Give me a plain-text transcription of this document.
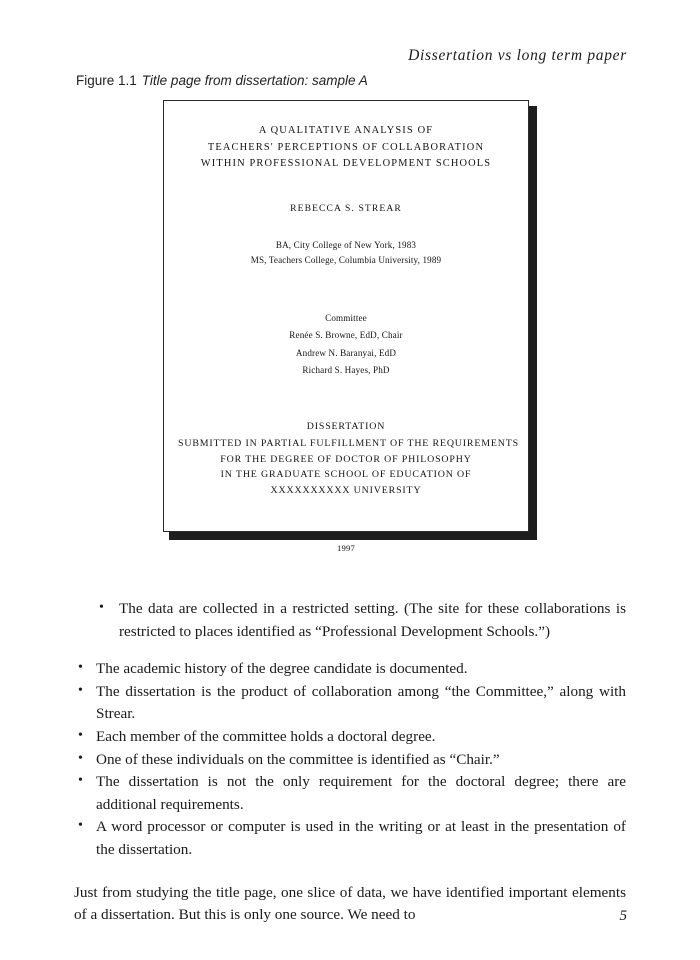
Dissertation vs long term paper
Figure 1.1 Title page from dissertation: sample A
A QUALITATIVE ANALYSIS OF
TEACHERS' PERCEPTIONS OF COLLABORATION
WITHIN PROFESSIONAL DEVELOPMENT SCHOOLS
REBECCA S. STREAR
BA, City College of New York, 1983
MS, Teachers College, Columbia University, 1989
Committee
Renée S. Browne, EdD, Chair
Andrew N. Baranyai, EdD
Richard S. Hayes, PhD
DISSERTATION
SUBMITTED IN PARTIAL FULFILLMENT OF THE REQUIREMENTS
FOR THE DEGREE OF DOCTOR OF PHILOSOPHY
IN THE GRADUATE SCHOOL OF EDUCATION OF
XXXXXXXXXX UNIVERSITY
1997
• The data are collected in a restricted setting. (The site for these collaborations is restricted to places identified as “Professional Development Schools.”)
• The academic history of the degree candidate is documented.
• The dissertation is the product of collaboration among “the Committee,” along with Strear.
• Each member of the committee holds a doctoral degree.
• One of these individuals on the committee is identified as “Chair.”
• The dissertation is not the only requirement for the doctoral degree; there are additional requirements.
• A word processor or computer is used in the writing or at least in the presentation of the dissertation.

Just from studying the title page, one slice of data, we have identified important elements of a dissertation. But this is only one source. We need to	5
